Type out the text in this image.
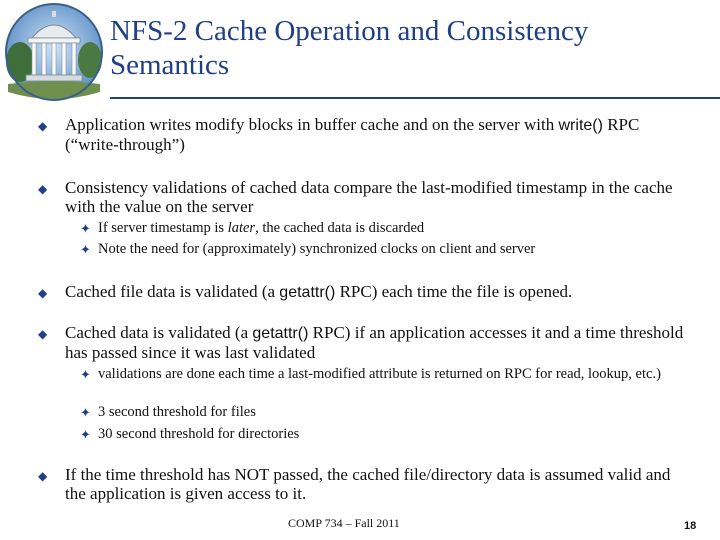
NFS-2 Cache Operation and Consistency Semantics
◆ Application writes modify blocks in buffer cache and on the server with write() RPC (“write-through”)
◆ Consistency validations of cached data compare the last-modified timestamp in the cache with the value on the server
✦ If server timestamp is later, the cached data is discarded
✦ Note the need for (approximately) synchronized clocks on client and server
◆ Cached file data is validated (a getattr() RPC) each time the file is opened.
◆ Cached data is validated (a getattr() RPC) if an application accesses it and a time threshold has passed since it was last validated
✦ validations are done each time a last-modified attribute is returned on RPC for read, lookup, etc.)
✦ 3 second threshold for files
✦ 30 second threshold for directories
◆ If the time threshold has NOT passed, the cached file/directory data is assumed valid and the application is given access to it.
COMP 734 – Fall 2011	18
